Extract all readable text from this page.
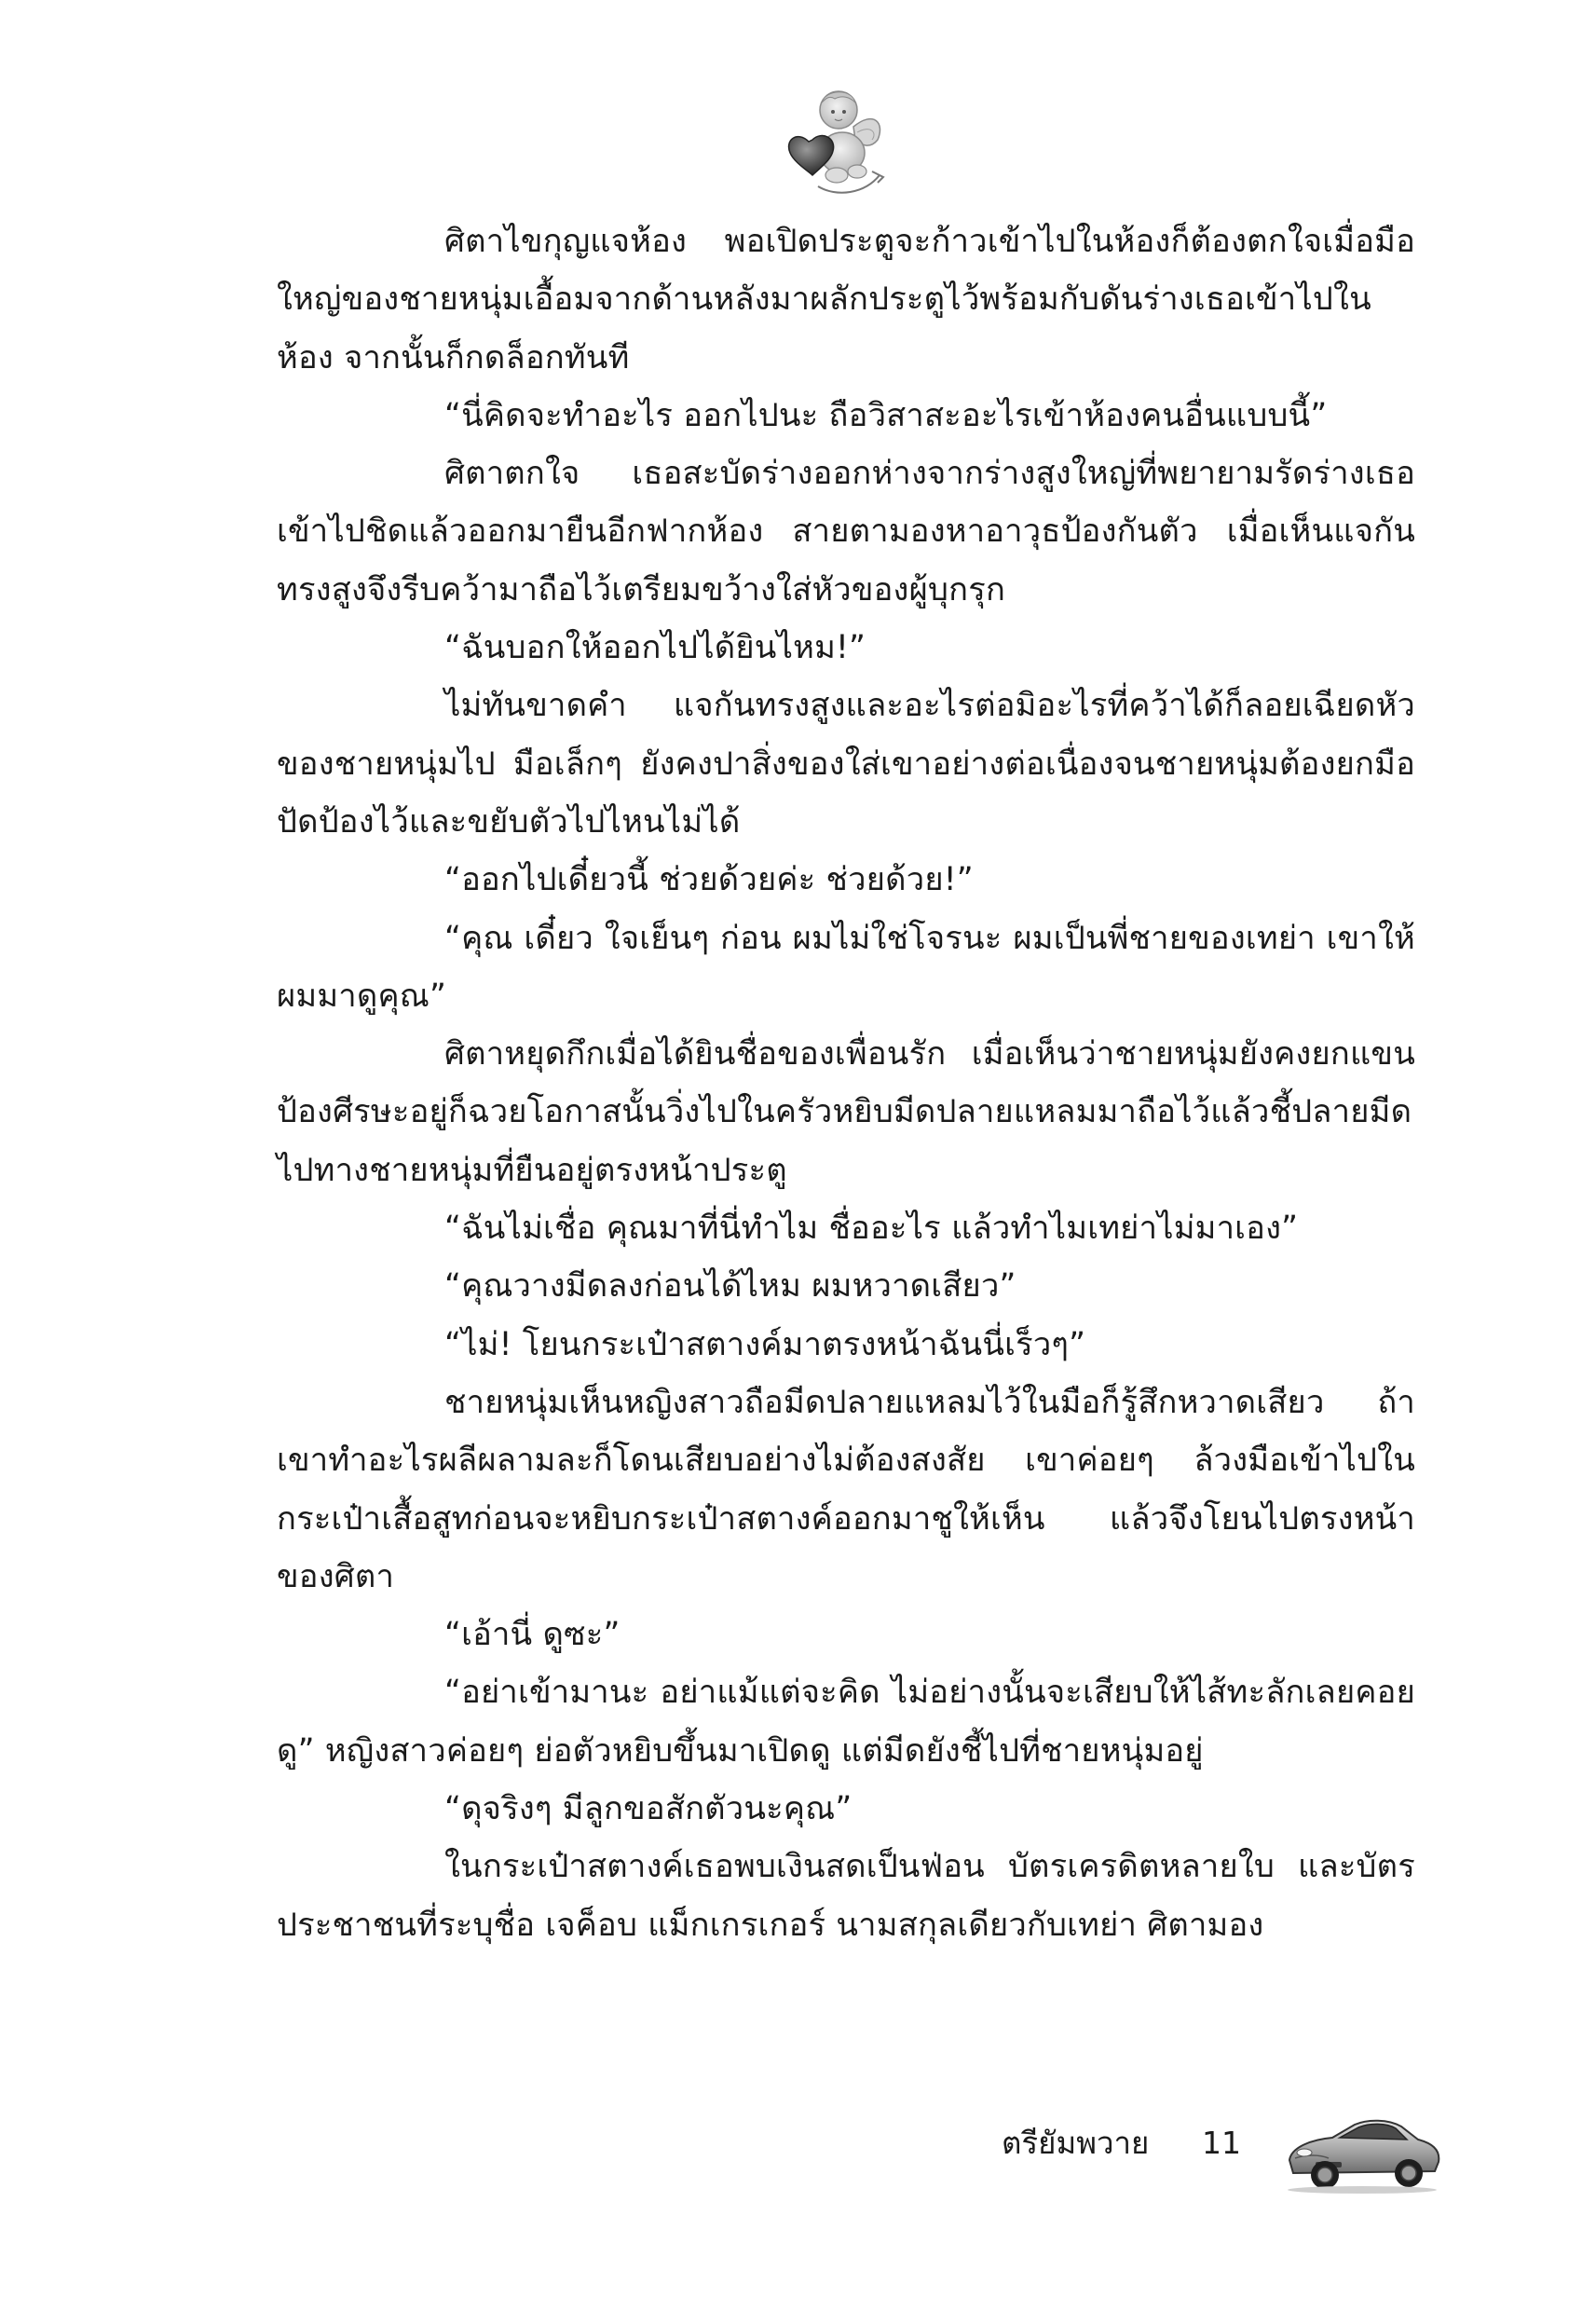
ศิตาไขกุญแจห้อง พอเปิดประตูจะก้าวเข้าไปในห้องก็ต้องตกใจเมื่อมือใหญ่ของชายหนุ่มเอื้อมจากด้านหลังมาผลักประตูไว้พร้อมกับดันร่างเธอเข้าไปในห้อง จากนั้นก็กดล็อกทันที

“นี่คิดจะทำอะไร ออกไปนะ ถือวิสาสะอะไรเข้าห้องคนอื่นแบบนี้”

ศิตาตกใจ เธอสะบัดร่างออกห่างจากร่างสูงใหญ่ที่พยายามรัดร่างเธอเข้าไปชิดแล้วออกมายืนอีกฟากห้อง สายตามองหาอาวุธป้องกันตัว เมื่อเห็นแจกันทรงสูงจึงรีบคว้ามาถือไว้เตรียมขว้างใส่หัวของผู้บุกรุก

“ฉันบอกให้ออกไปได้ยินไหม!”

ไม่ทันขาดคำ แจกันทรงสูงและอะไรต่อมิอะไรที่คว้าได้ก็ลอยเฉียดหัวของชายหนุ่มไป มือเล็กๆ ยังคงปาสิ่งของใส่เขาอย่างต่อเนื่องจนชายหนุ่มต้องยกมือปัดป้องไว้และขยับตัวไปไหนไม่ได้

“ออกไปเดี๋ยวนี้ ช่วยด้วยค่ะ ช่วยด้วย!”

“คุณ เดี๋ยว ใจเย็นๆ ก่อน ผมไม่ใช่โจรนะ ผมเป็นพี่ชายของเทย่า เขาให้ผมมาดูคุณ”

ศิตาหยุดกึกเมื่อได้ยินชื่อของเพื่อนรัก เมื่อเห็นว่าชายหนุ่มยังคงยกแขนป้องศีรษะอยู่ก็ฉวยโอกาสนั้นวิ่งไปในครัวหยิบมีดปลายแหลมมาถือไว้แล้วชี้ปลายมีดไปทางชายหนุ่มที่ยืนอยู่ตรงหน้าประตู

“ฉันไม่เชื่อ คุณมาที่นี่ทำไม ชื่ออะไร แล้วทำไมเทย่าไม่มาเอง”

“คุณวางมีดลงก่อนได้ไหม ผมหวาดเสียว”

“ไม่! โยนกระเป๋าสตางค์มาตรงหน้าฉันนี่เร็วๆ”

ชายหนุ่มเห็นหญิงสาวถือมีดปลายแหลมไว้ในมือก็รู้สึกหวาดเสียว ถ้าเขาทำอะไรผลีผลามละก็โดนเสียบอย่างไม่ต้องสงสัย เขาค่อยๆ ล้วงมือเข้าไปในกระเป๋าเสื้อสูทก่อนจะหยิบกระเป๋าสตางค์ออกมาชูให้เห็น แล้วจึงโยนไปตรงหน้าของศิตา

“เอ้านี่ ดูซะ”

“อย่าเข้ามานะ อย่าแม้แต่จะคิด ไม่อย่างนั้นจะเสียบให้ไส้ทะลักเลยคอยดู” หญิงสาวค่อยๆ ย่อตัวหยิบขึ้นมาเปิดดู แต่มีดยังชี้ไปที่ชายหนุ่มอยู่

“ดุจริงๆ มีลูกขอสักตัวนะคุณ”

ในกระเป๋าสตางค์เธอพบเงินสดเป็นฟ่อน บัตรเครดิตหลายใบ และบัตรประชาชนที่ระบุชื่อ เจค็อบ แม็กเกรเกอร์ นามสกุลเดียวกับเทย่า ศิตามอง

ตรียัมพวาย 11
